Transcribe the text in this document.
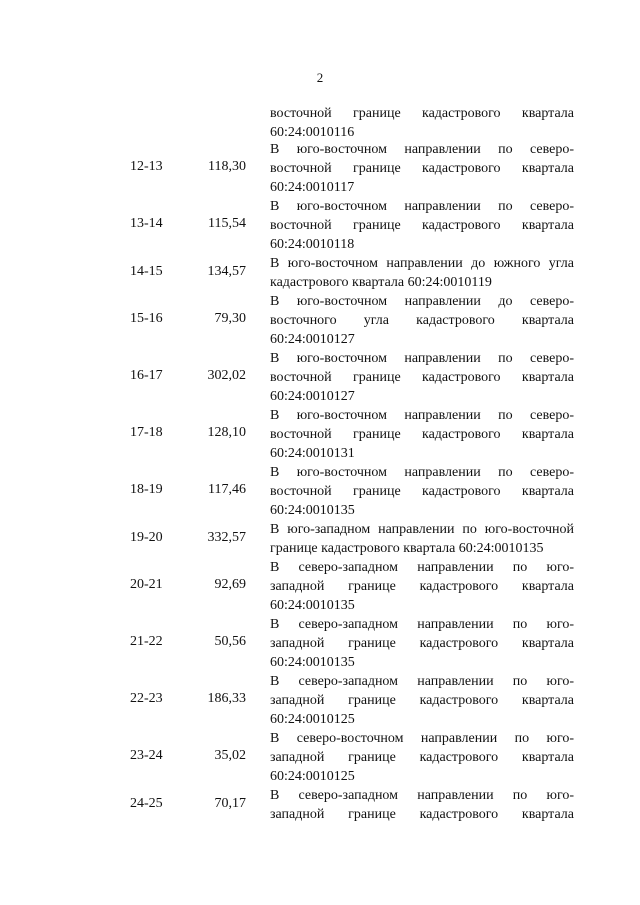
2
восточной границе кадастрового квартала
60:24:0010116
12-13	118,30
В юго-восточном направлении по северо-
восточной границе кадастрового квартала
60:24:0010117
13-14	115,54
В юго-восточном направлении по северо-
восточной границе кадастрового квартала
60:24:0010118
14-15	134,57
В юго-восточном направлении до южного угла
кадастрового квартала 60:24:0010119
15-16	79,30
В юго-восточном направлении до северо-
восточного угла кадастрового квартала
60:24:0010127
16-17	302,02
В юго-восточном направлении по северо-
восточной границе кадастрового квартала
60:24:0010127
17-18	128,10
В юго-восточном направлении по северо-
восточной границе кадастрового квартала
60:24:0010131
18-19	117,46
В юго-восточном направлении по северо-
восточной границе кадастрового квартала
60:24:0010135
19-20	332,57
В юго-западном направлении по юго-восточной
границе кадастрового квартала 60:24:0010135
20-21	92,69
В северо-западном направлении по юго-
западной границе кадастрового квартала
60:24:0010135
21-22	50,56
В северо-западном направлении по юго-
западной границе кадастрового квартала
60:24:0010135
22-23	186,33
В северо-западном направлении по юго-
западной границе кадастрового квартала
60:24:0010125
23-24	35,02
В северо-восточном направлении по юго-
западной границе кадастрового квартала
60:24:0010125
24-25	70,17
В северо-западном направлении по юго-
западной границе кадастрового квартала
